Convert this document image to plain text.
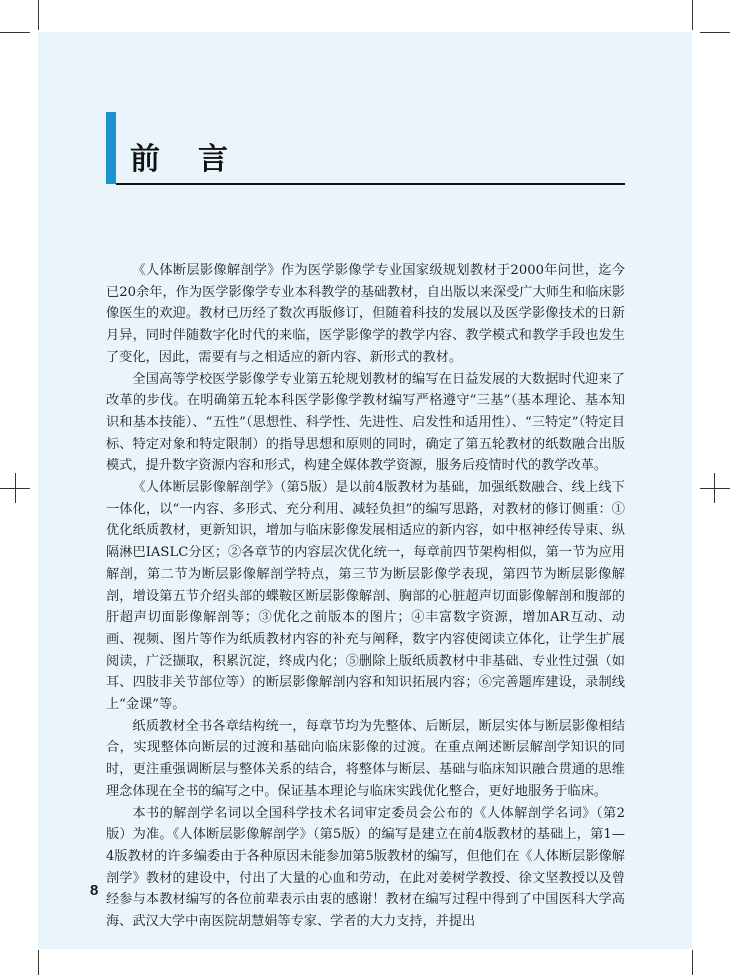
前言

《人体断层影像解剖学》作为医学影像学专业国家级规划教材于2000年问世，迄今已20余年，作为医学影像学专业本科教学的基础教材，自出版以来深受广大师生和临床影像医生的欢迎。教材已历经了数次再版修订，但随着科技的发展以及医学影像技术的日新月异，同时伴随数字化时代的来临，医学影像学的教学内容、教学模式和教学手段也发生了变化，因此，需要有与之相适应的新内容、新形式的教材。

全国高等学校医学影像学专业第五轮规划教材的编写在日益发展的大数据时代迎来了改革的步伐。在明确第五轮本科医学影像学教材编写严格遵守“三基”（基本理论、基本知识和基本技能）、“五性”（思想性、科学性、先进性、启发性和适用性）、“三特定”（特定目标、特定对象和特定限制）的指导思想和原则的同时，确定了第五轮教材的纸数融合出版模式，提升数字资源内容和形式，构建全媒体教学资源，服务后疫情时代的教学改革。

《人体断层影像解剖学》（第5版）是以前4版教材为基础，加强纸数融合、线上线下一体化，以“一内容、多形式、充分利用、减轻负担”的编写思路，对教材的修订侧重：①优化纸质教材，更新知识，增加与临床影像发展相适应的新内容，如中枢神经传导束、纵隔淋巴IASLC分区；②各章节的内容层次优化统一，每章前四节架构相似，第一节为应用解剖，第二节为断层影像解剖学特点，第三节为断层影像学表现，第四节为断层影像解剖，增设第五节介绍头部的蝶鞍区断层影像解剖、胸部的心脏超声切面影像解剖和腹部的肝超声切面影像解剖等；③优化之前版本的图片；④丰富数字资源，增加AR互动、动画、视频、图片等作为纸质教材内容的补充与阐释，数字内容使阅读立体化，让学生扩展阅读，广泛撷取，积累沉淀，终成内化；⑤删除上版纸质教材中非基础、专业性过强（如耳、四肢非关节部位等）的断层影像解剖内容和知识拓展内容；⑥完善题库建设，录制线上“金课”等。

纸质教材全书各章结构统一，每章节均为先整体、后断层，断层实体与断层影像相结合，实现整体向断层的过渡和基础向临床影像的过渡。在重点阐述断层解剖学知识的同时，更注重强调断层与整体关系的结合，将整体与断层、基础与临床知识融合贯通的思维理念体现在全书的编写之中。保证基本理论与临床实践优化整合，更好地服务于临床。

本书的解剖学名词以全国科学技术名词审定委员会公布的《人体解剖学名词》（第2版）为准。《人体断层影像解剖学》（第5版）的编写是建立在前4版教材的基础上，第1—4版教材的许多编委由于各种原因未能参加第5版教材的编写，但他们在《人体断层影像解剖学》教材的建设中，付出了大量的心血和劳动，在此对姜树学教授、徐文坚教授以及曾经参与本教材编写的各位前辈表示由衷的感谢！教材在编写过程中得到了中国医科大学高海、武汉大学中南医院胡慧娟等专家、学者的大力支持，并提出

8
